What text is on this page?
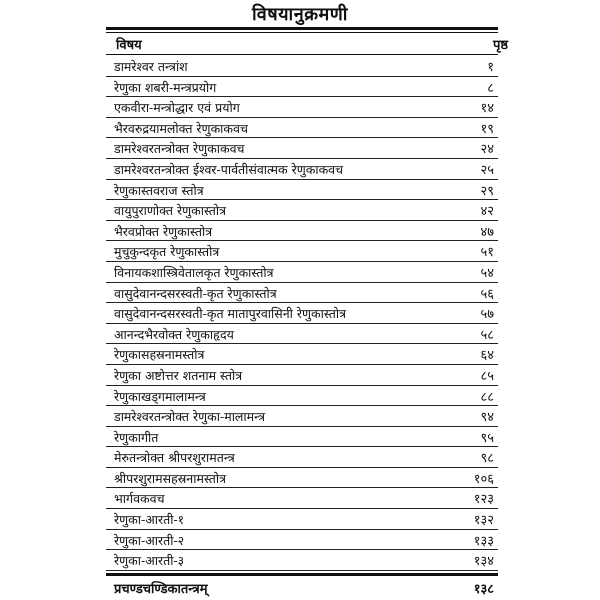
विषयानुक्रमणी
विषय	पृष्ठ
डामरेश्वर तन्त्रांश	१
रेणुका शबरी-मन्त्रप्रयोग	८
एकवीरा-मन्त्रोद्धार एवं प्रयोग	१४
भैरवरुद्रयामलोक्त रेणुकाकवच	१९
डामरेश्वरतन्त्रोक्त रेणुकाकवच	२४
डामरेश्वरतन्त्रोक्त ईश्वर-पार्वतीसंवात्मक रेणुकाकवच	२५
रेणुकास्तवराज स्तोत्र	२९
वायुपुराणोक्त रेणुकास्तोत्र	४२
भैरवप्रोक्त रेणुकास्तोत्र	४७
मुचुकुन्दकृत रेणुकास्तोत्र	५१
विनायकशास्त्रिवेतालकृत रेणुकास्तोत्र	५४
वासुदेवानन्दसरस्वती-कृत रेणुकास्तोत्र	५६
वासुदेवानन्दसरस्वती-कृत मातापुरवासिनी रेणुकास्तोत्र	५७
आनन्दभैरवोक्त रेणुकाहृदय	५८
रेणुकासहस्रनामस्तोत्र	६४
रेणुका अष्टोत्तर शतनाम स्तोत्र	८५
रेणुकाखड्गमालामन्त्र	८८
डामरेश्वरतन्त्रोक्त रेणुका-मालामन्त्र	९४
रेणुकागीत	९५
मेरुतन्त्रोक्त श्रीपरशुरामतन्त्र	९८
श्रीपरशुरामसहस्रनामस्तोत्र	१०६
भार्गवकवच	१२३
रेणुका-आरती-१	१३२
रेणुका-आरती-२	१३३
रेणुका-आरती-३	१३४
प्रचण्डचण्डिकातन्त्रम्	१३८
